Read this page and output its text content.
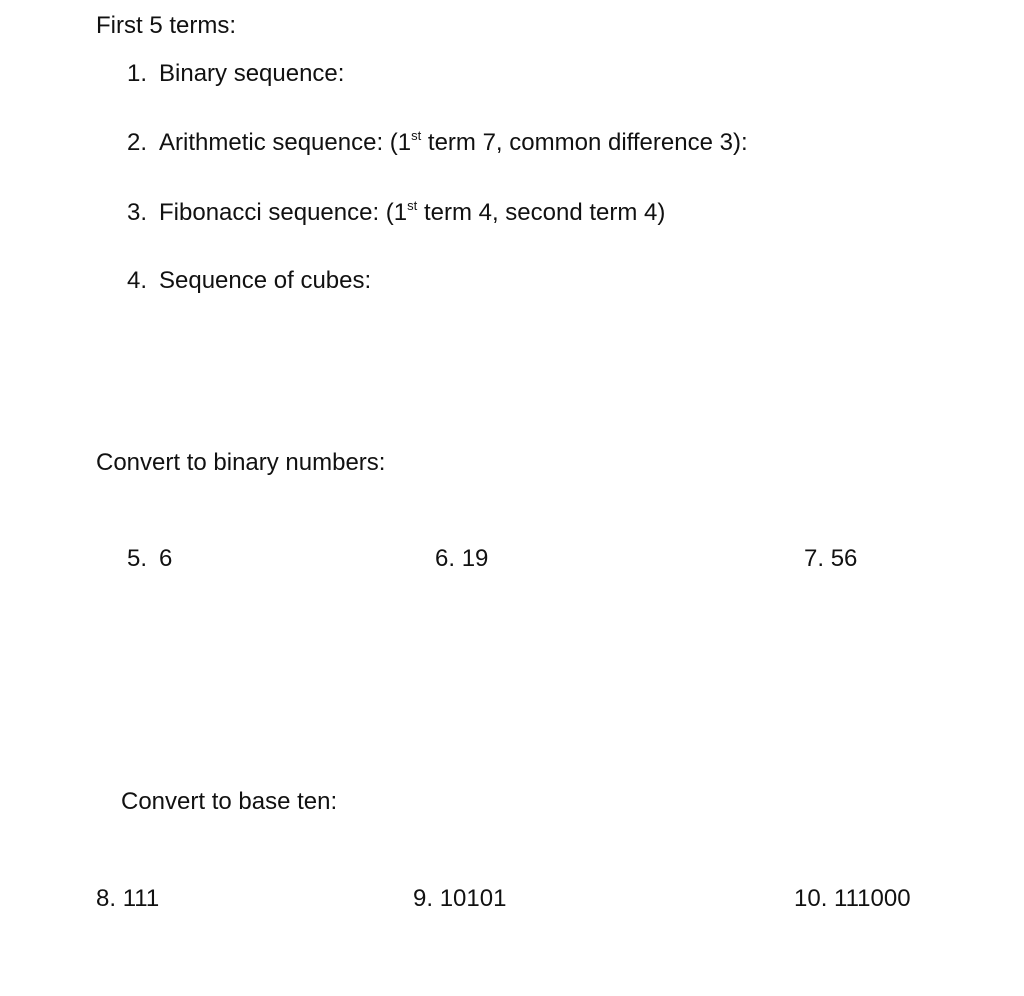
First 5 terms:
1. Binary sequence:
2. Arithmetic sequence: (1st term 7, common difference 3):
3. Fibonacci sequence: (1st term 4, second term 4)
4. Sequence of cubes:
Convert to binary numbers:
5. 6	6. 19	7. 56
Convert to base ten:
8. 111	9. 10101	10. 111000
